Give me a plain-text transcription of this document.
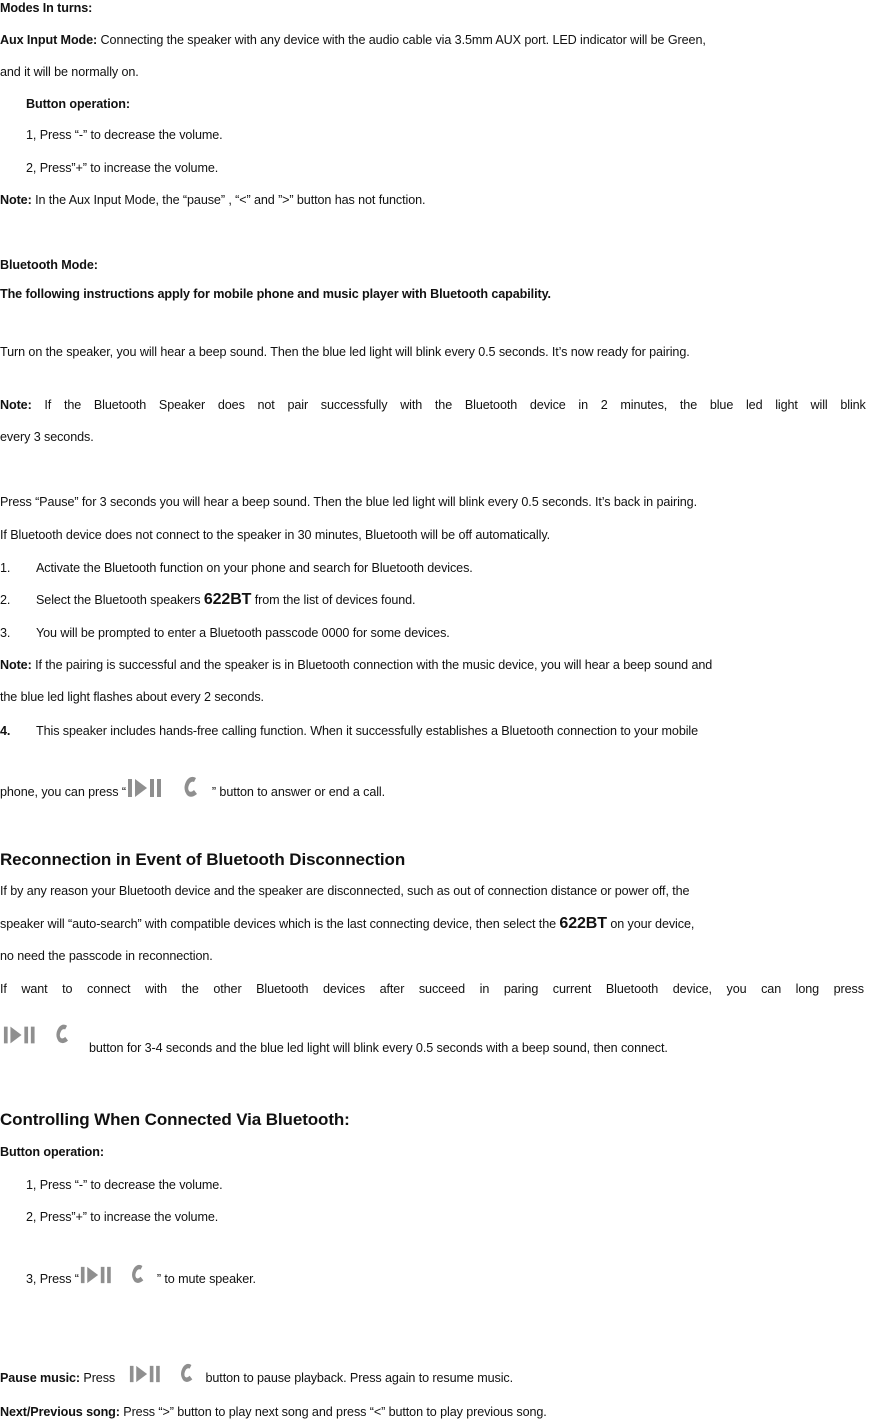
Modes In turns:
Aux Input Mode: Connecting the speaker with any device with the audio cable via 3.5mm AUX port. LED indicator will be Green,
and it will be normally on.
Button operation:
1, Press “-” to decrease the volume.
2, Press”+” to increase the volume.
Note: In the Aux Input Mode, the “pause” , “<” and ”>” button has not function.
Bluetooth Mode:
The following instructions apply for mobile phone and music player with Bluetooth capability.
Turn on the speaker, you will hear a beep sound. Then the blue led light will blink every 0.5 seconds. It’s now ready for pairing.
Note: If the Bluetooth Speaker does not pair successfully with the Bluetooth device in 2 minutes, the blue led light will blink
every 3 seconds.
Press “Pause” for 3 seconds you will hear a beep sound. Then the blue led light will blink every 0.5 seconds. It’s back in pairing.
If Bluetooth device does not connect to the speaker in 30 minutes, Bluetooth will be off automatically.
1. Activate the Bluetooth function on your phone and search for Bluetooth devices.
2. Select the Bluetooth speakers 622BT from the list of devices found.
3. You will be prompted to enter a Bluetooth passcode 0000 for some devices.
Note: If the pairing is successful and the speaker is in Bluetooth connection with the music device, you will hear a beep sound and
the blue led light flashes about every 2 seconds.
4. This speaker includes hands-free calling function. When it successfully establishes a Bluetooth connection to your mobile
phone, you can press “	” button to answer or end a call.
Reconnection in Event of Bluetooth Disconnection
If by any reason your Bluetooth device and the speaker are disconnected, such as out of connection distance or power off, the
speaker will “auto-search” with compatible devices which is the last connecting device, then select the 622BT on your device,
no need the passcode in reconnection.
If want to connect with the other Bluetooth devices after succeed in paring current Bluetooth device, you can long press
button for 3-4 seconds and the blue led light will blink every 0.5 seconds with a beep sound, then connect.
Controlling When Connected Via Bluetooth:
Button operation:
1, Press “-” to decrease the volume.
2, Press”+” to increase the volume.
3, Press “	” to mute speaker.
Pause music: Press	button to pause playback. Press again to resume music.
Next/Previous song: Press “>” button to play next song and press “<” button to play previous song.
